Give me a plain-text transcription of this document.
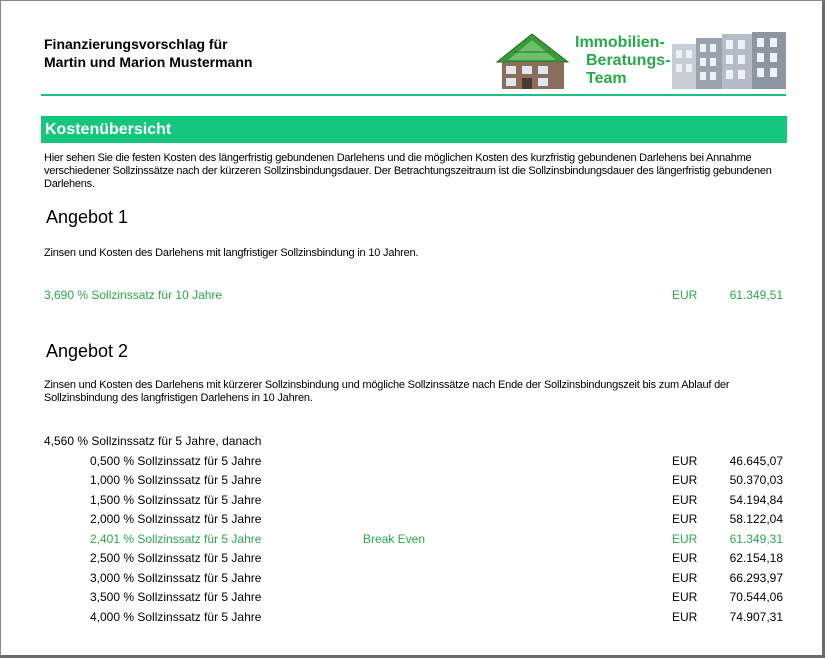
Finanzierungsvorschlag für
Martin und Marion Mustermann
Immobilien-
Beratungs-
Team
Kostenübersicht
Hier sehen Sie die festen Kosten des längerfristig gebundenen Darlehens und die möglichen Kosten des kurzfristig gebundenen Darlehens bei Annahme verschiedener Sollzinssätze nach der kürzeren Sollzinsbindungsdauer. Der Betrachtungszeitraum ist die Sollzinsbindungsdauer des längerfristig gebundenen Darlehens.
Angebot 1
Zinsen und Kosten des Darlehens mit langfristiger Sollzinsbindung in 10 Jahren.
3,690 % Sollzinssatz für 10 Jahre	EUR	61.349,51
Angebot 2
Zinsen und Kosten des Darlehens mit kürzerer Sollzinsbindung und mögliche Sollzinssätze nach Ende der Sollzinsbindungszeit bis zum Ablauf der Sollzinsbindung des langfristigen Darlehens in 10 Jahren.
4,560 % Sollzinssatz für 5 Jahre, danach
0,500 % Sollzinssatz für 5 Jahre	EUR	46.645,07
1,000 % Sollzinssatz für 5 Jahre	EUR	50.370,03
1,500 % Sollzinssatz für 5 Jahre	EUR	54.194,84
2,000 % Sollzinssatz für 5 Jahre	EUR	58.122,04
2,401 % Sollzinssatz für 5 Jahre	Break Even	EUR	61.349,31
2,500 % Sollzinssatz für 5 Jahre	EUR	62.154,18
3,000 % Sollzinssatz für 5 Jahre	EUR	66.293,97
3,500 % Sollzinssatz für 5 Jahre	EUR	70.544,06
4,000 % Sollzinssatz für 5 Jahre	EUR	74.907,31
